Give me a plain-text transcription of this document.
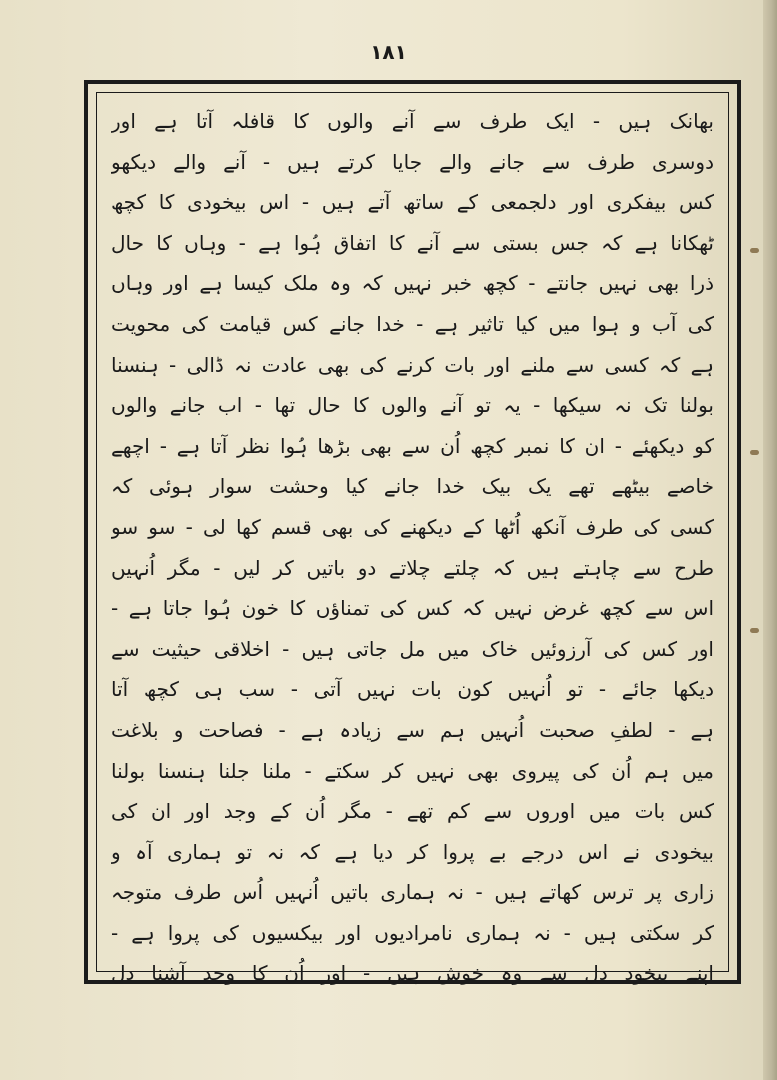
۱۸۱
بھانک ہیں - ایک طرف سے آنے والوں کا قافلہ آتا ہے اور
دوسری طرف سے جانے والے جایا کرتے ہیں - آنے والے دیکھو
کس بیفکری اور دلجمعی کے ساتھ آتے ہیں - اس بیخودی کا کچھ
ٹھکانا ہے کہ جس بستی سے آنے کا اتفاق ہُوا ہے - وہاں کا حال
ذرا بھی نہیں جانتے - کچھ خبر نہیں کہ وہ ملک کیسا ہے اور وہاں
کی آب و ہوا میں کیا تاثیر ہے - خدا جانے کس قیامت کی محویت
ہے کہ کسی سے ملنے اور بات کرنے کی بھی عادت نہ ڈالی - ہنسنا
بولنا تک نہ سیکھا - یہ تو آنے والوں کا حال تھا - اب جانے والوں
کو دیکھئے - ان کا نمبر کچھ اُن سے بھی بڑھا ہُوا نظر آتا ہے - اچھے
خاصے بیٹھے تھے یک بیک خدا جانے کیا وحشت سوار ہوئی کہ
کسی کی طرف آنکھ اُٹھا کے دیکھنے کی بھی قسم کھا لی - سو سو
طرح سے چاہتے ہیں کہ چلتے چلاتے دو باتیں کر لیں - مگر اُنہیں
اس سے کچھ غرض نہیں کہ کس کی تمناؤں کا خون ہُوا جاتا ہے -
اور کس کی آرزوئیں خاک میں مل جاتی ہیں - اخلاقی حیثیت سے
دیکھا جائے - تو اُنہیں کون بات نہیں آتی - سب ہی کچھ آتا
ہے - لطفِ صحبت اُنہیں ہم سے زیادہ ہے - فصاحت و بلاغت
میں ہم اُن کی پیروی بھی نہیں کر سکتے - ملنا جلنا ہنسنا بولنا
کس بات میں اوروں سے کم تھے - مگر اُن کے وجد اور ان کی
بیخودی نے اس درجے بے پروا کر دیا ہے کہ نہ تو ہماری آہ و
زاری پر ترس کھاتے ہیں - نہ ہماری باتیں اُنہیں اُس طرف متوجہ
کر سکتی ہیں - نہ ہماری نامرادیوں اور بیکسیوں کی پروا ہے -
اپنے بیخود دل سے وہ خوش ہیں - اور اُن کا وجد آشنا دل
